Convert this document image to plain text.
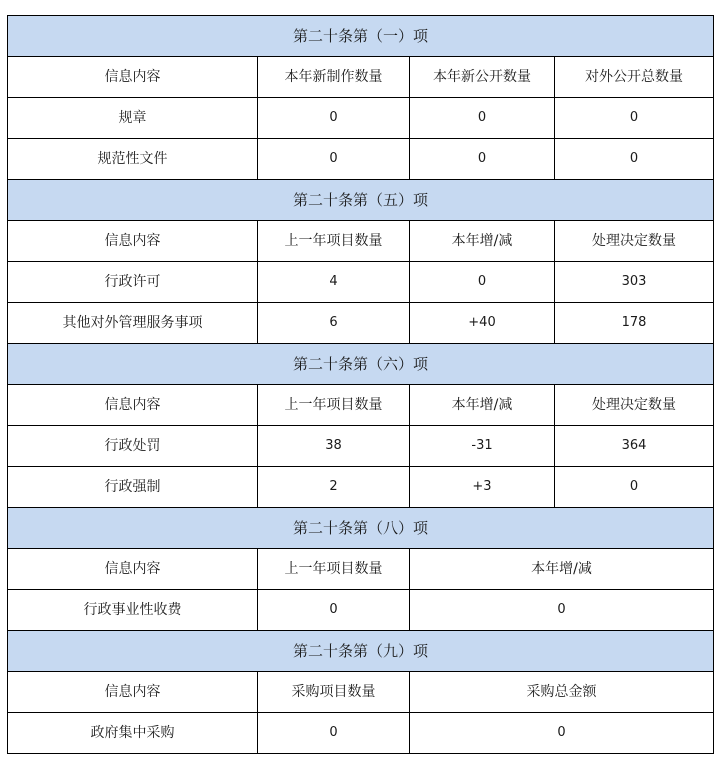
第二十条第（一）项			
信息内容	本年新制作数量	本年新公开数量	对外公开总数量
规章	0	0	0
规范性文件	0	0	0
第二十条第（五）项			
信息内容	上一年项目数量	本年增/减	处理决定数量
行政许可	4	0	303
其他对外管理服务事项	6	+40	178
第二十条第（六）项			
信息内容	上一年项目数量	本年增/减	处理决定数量
行政处罚	38	-31	364
行政强制	2	+3	0
第二十条第（八）项			
信息内容	上一年项目数量	本年增/减	
行政事业性收费	0	0	
第二十条第（九）项			
信息内容	采购项目数量	采购总金额	
政府集中采购	0	0	
